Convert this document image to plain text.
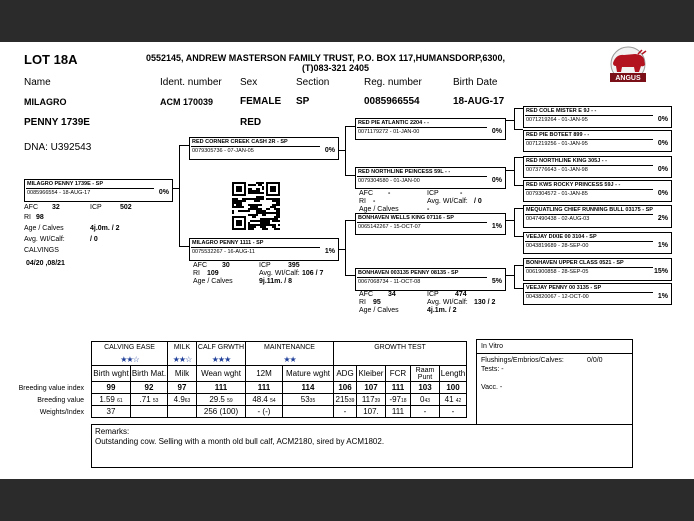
LOT 18A	0552145, ANDREW MASTERSON FAMILY TRUST, P.O. BOX 117,HUMANSDORP,6300,
(T)083-321 2405
ANGUS
Name	Ident. number Sex	Section	Reg. number	Birth Date
MILAGRO	ACM 170039	FEMALE SP	0085966554	18-AUG-17
PENNY 1739E	RED
DNA: U392543
MILAGRO PENNY 1739E - SP
0085966554 - 18-AUG-17	0%
AFC 32	ICP	502
RI 98
Age / Calves	4j.0m. / 2
Avg. WI/Calf:	/ 0
CALVINGS
04/20 ,08/21
RED CORNER CREEK CASH 2R - SP
0079305736 - 07-JAN-05	0%
MILAGRO PENNY 1111 - SP
0075532267 - 16-AUG-11	1%
AFC 30	ICP 395
RI 109	Avg. WI/Calf: 106 / 7
Age / Calves	9j.11m. / 8
RED PIE ATLANTIC 2204 - -
0071179272 - 01-JAN-00	0%
RED NORTHLINE PEINCESS 59L - -
0079304580 - 01-JAN-00	0%
AFC -	ICP	-
RI -	Avg. WI/Calf: / 0
Age / Calves	-
BONHAVEN WELLS KING 07116 - SP
0065142267 - 15-OCT-07	1%
BONHAVEN 003135 PENNY 08135 - SP
0067068734 - 11-OCT-08	5%
AFC 34	ICP 474
RI 95	Avg. WI/Calf: 130 / 2
Age / Calves	4j.1m. / 2
RED COLE MISTER E 9J - -
0071219264 - 01-JAN-95	0%
RED PIE BOTEET 899 - -
0071219256 - 01-JAN-95	0%
RED NORTHLINE KING 305J - -
0073776643 - 01-JAN-98	0%
RED KWS ROCKY PRINCESS 59J - -
0079304572 - 01-JAN-85	0%
MEQUATLING CHIEF RUNNING BULL 03175 - SP
0047490438 - 02-AUG-03	2%
VEEJAY DIXIE 00 3104 - SP
0043819689 - 28-SEP-00	1%
BONHAVEN UPPER CLASS 0521 - SP
0061900858 - 28-SEP-05	15%
VEEJAY PENNY 00 3135 - SP
0043820067 - 12-OCT-00	1%
CALVING EASE		MILK	CALF GRWTH	MAINTENANCE		GROWTH TEST				
★★☆		★★☆	★★★	★★						
Birth wght	Birth Mat.	Milk	Wean wght	12M	Mature wght	ADG	Kleiber	FCR	Raam Punt	Length
99	92	97	111	111	114	106	107	111	103	100
1.59 61	.71 53	4.963	29.5 59	48.4 54	5335	21539	11739	-9718	043	41 42
37			256 (100)	- (-)		-	107.	111	-	-
Breeding value index
Breeding value
Weights/Index
In Vitro
Flushings/Embrios/Calves:	0/0/0
Tests: -
Vacc. -
Remarks:
Outstanding cow. Selling with a month old bull calf, ACM2180, sired by ACM1802.
